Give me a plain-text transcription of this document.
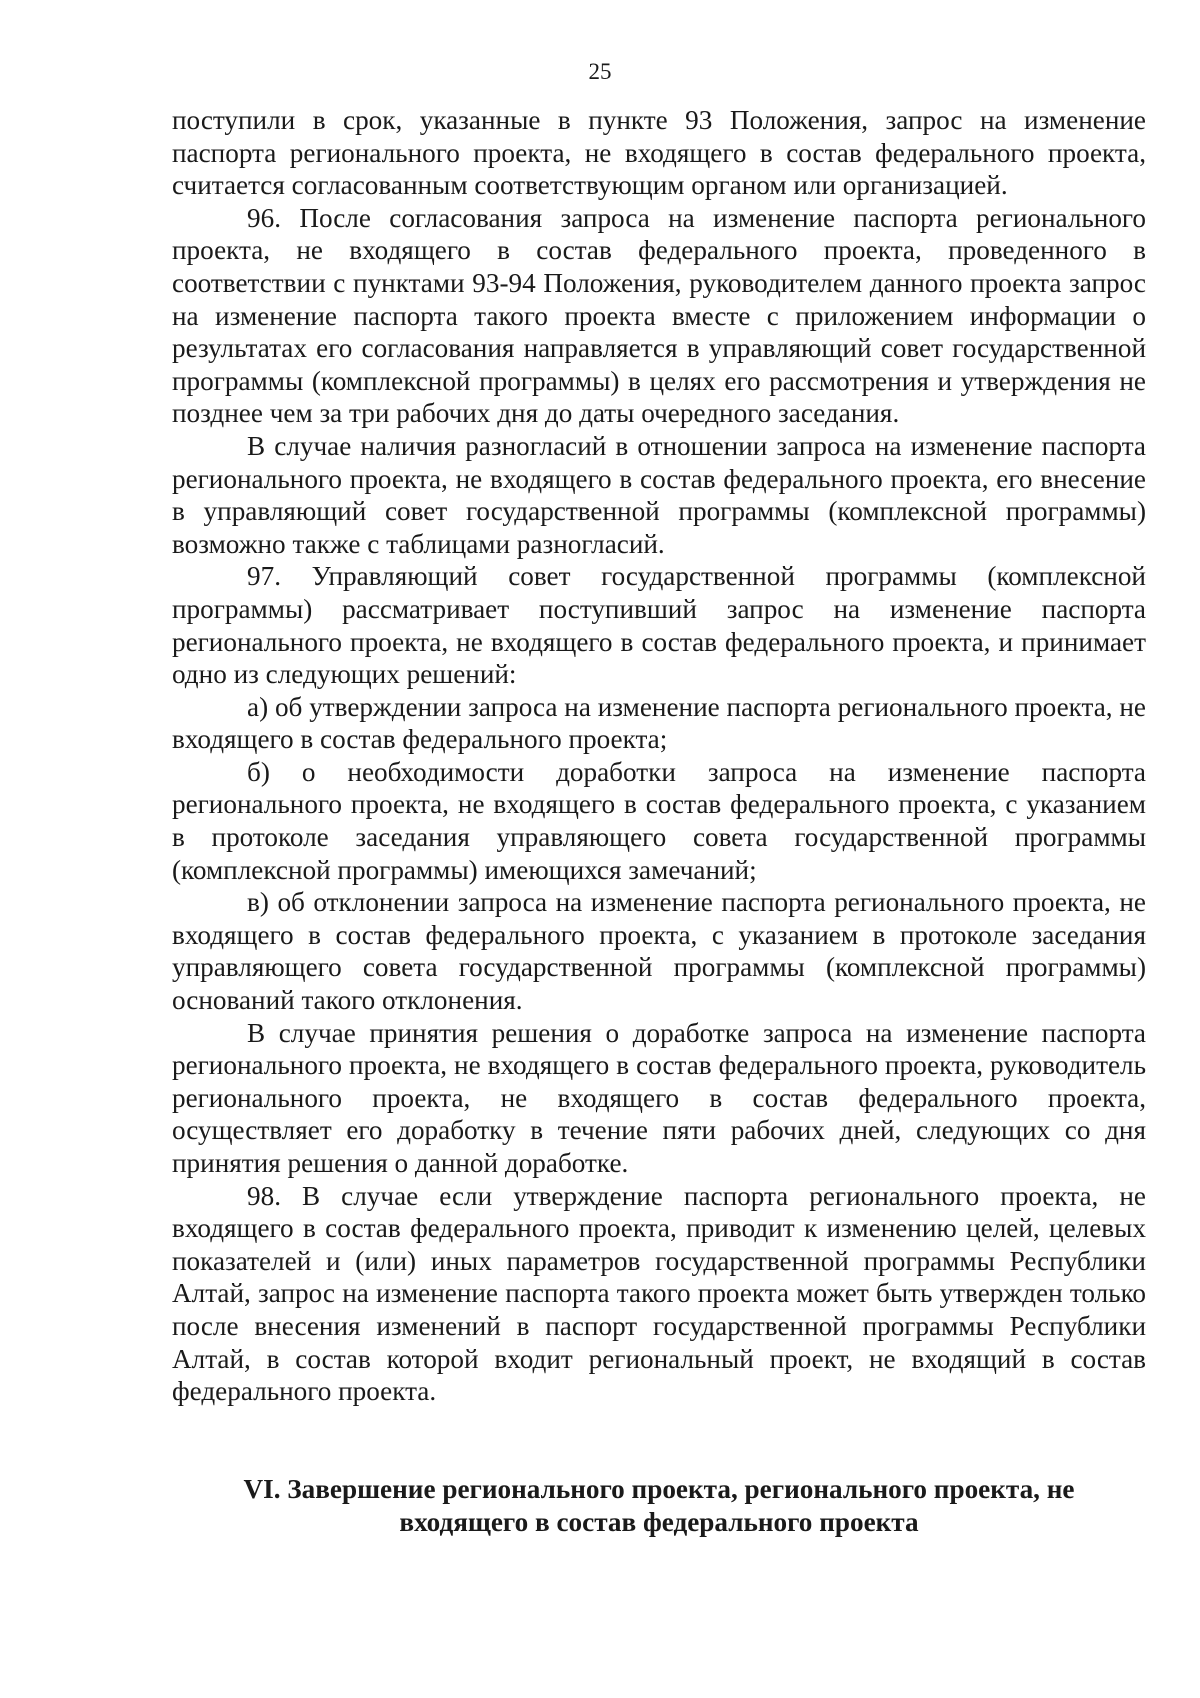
25

поступили в срок, указанные в пункте 93 Положения, запрос на изменение паспорта регионального проекта, не входящего в состав федерального проекта, считается согласованным соответствующим органом или организацией.

96. После согласования запроса на изменение паспорта регионального проекта, не входящего в состав федерального проекта, проведенного в соответствии с пунктами 93-94 Положения, руководителем данного проекта запрос на изменение паспорта такого проекта вместе с приложением информации о результатах его согласования направляется в управляющий совет государственной программы (комплексной программы) в целях его рассмотрения и утверждения не позднее чем за три рабочих дня до даты очередного заседания.

В случае наличия разногласий в отношении запроса на изменение паспорта регионального проекта, не входящего в состав федерального проекта, его внесение в управляющий совет государственной программы (комплексной программы) возможно также с таблицами разногласий.

97. Управляющий совет государственной программы (комплексной программы) рассматривает поступивший запрос на изменение паспорта регионального проекта, не входящего в состав федерального проекта, и принимает одно из следующих решений:

а) об утверждении запроса на изменение паспорта регионального проекта, не входящего в состав федерального проекта;

б) о необходимости доработки запроса на изменение паспорта регионального проекта, не входящего в состав федерального проекта, с указанием в протоколе заседания управляющего совета государственной программы (комплексной программы) имеющихся замечаний;

в) об отклонении запроса на изменение паспорта регионального проекта, не входящего в состав федерального проекта, с указанием в протоколе заседания управляющего совета государственной программы (комплексной программы) оснований такого отклонения.

В случае принятия решения о доработке запроса на изменение паспорта регионального проекта, не входящего в состав федерального проекта, руководитель регионального проекта, не входящего в состав федерального проекта, осуществляет его доработку в течение пяти рабочих дней, следующих со дня принятия решения о данной доработке.

98. В случае если утверждение паспорта регионального проекта, не входящего в состав федерального проекта, приводит к изменению целей, целевых показателей и (или) иных параметров государственной программы Республики Алтай, запрос на изменение паспорта такого проекта может быть утвержден только после внесения изменений в паспорт государственной программы Республики Алтай, в состав которой входит региональный проект, не входящий в состав федерального проекта.

VI. Завершение регионального проекта, регионального проекта, не
входящего в состав федерального проекта
